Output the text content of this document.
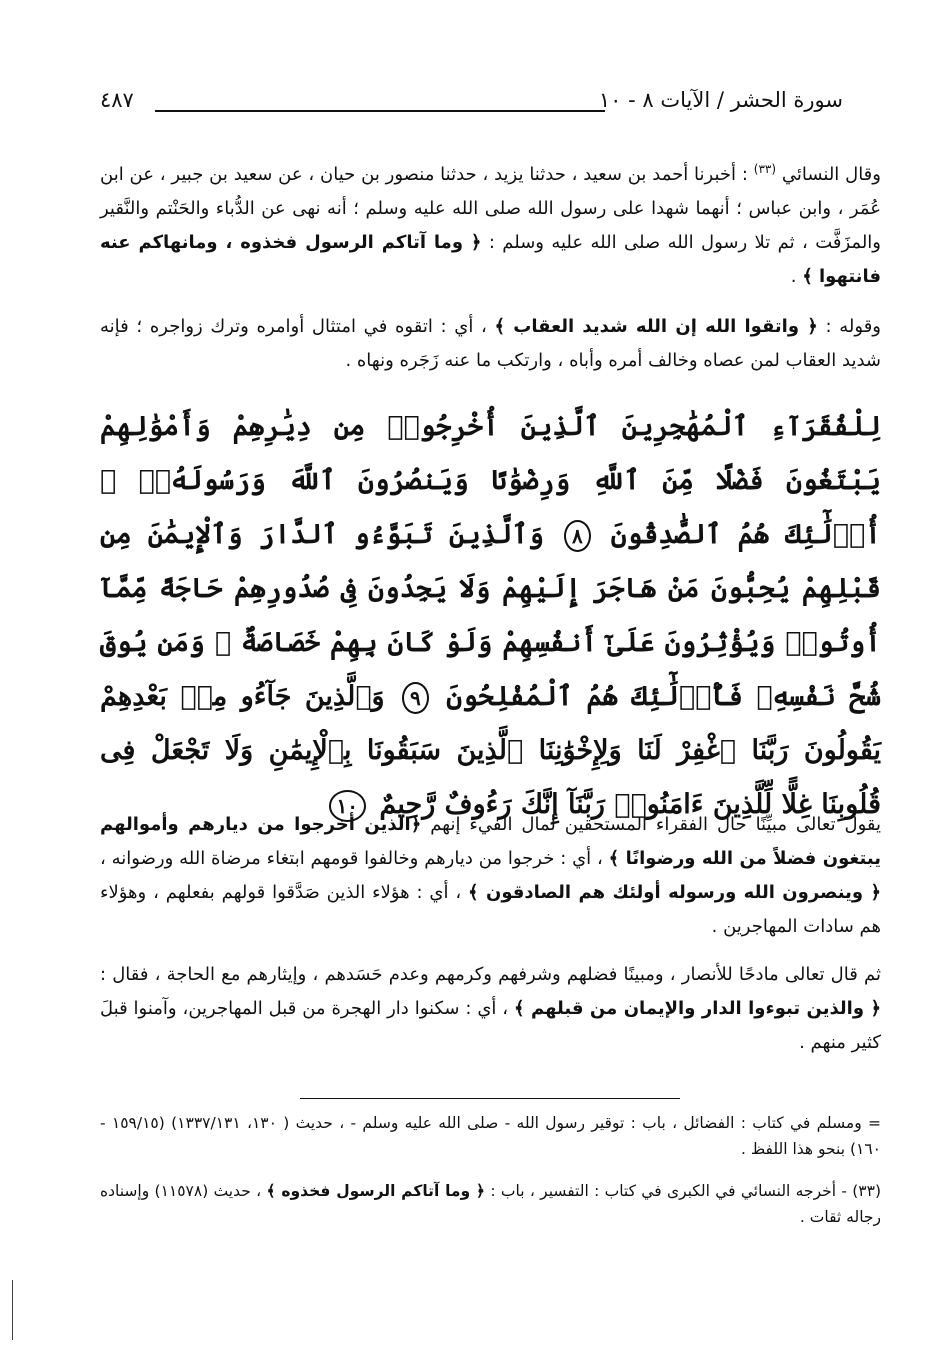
سورة الحشر / الآيات ٨ - ١٠
٤٨٧
وقال النسائي $^{(٣٣)}$ : أخبرنا أحمد بن سعيد ، حدثنا يزيد ، حدثنا منصور بن حيان ، عن سعيد بن جبير ، عن ابن عُمَر ، وابن عباس ؛ أنهما شهدا على رسول الله صلى الله عليه وسلم ؛ أنه نهى عن الدُّباء والحَنْتم والنَّقير والمزَفَّت ، ثم تلا رسول الله صلى الله عليه وسلم : ﴿ وما آتاكم الرسول فخذوه ، ومانهاكم عنه فانتهوا ﴾ .
وقوله : ﴿ واتقوا الله إن الله شديد العقاب ﴾ ، أي : اتقوه في امتثال أوامره وترك زواجره ؛ فإنه شديد العقاب لمن عصاه وخالف أمره وأباه ، وارتكب ما عنه زَجَره ونهاه .
لِلْفُقَرَآءِ ٱلْمُهَٰجِرِينَ ٱلَّذِينَ أُخْرِجُوا۟ مِن دِيَٰرِهِمْ وَأَمْوَٰلِهِمْ يَبْتَغُونَ فَضْلًا مِّنَ ٱللَّهِ وَرِضْوَٰنًا وَيَنصُرُونَ ٱللَّهَ وَرَسُولَهُۥٓ ۚ أُو۟لَٰٓئِكَ هُمُ ٱلصَّٰدِقُونَ ٨ وَٱلَّذِينَ تَبَوَّءُو ٱلدَّارَ وَٱلْإِيمَٰنَ مِن قَبْلِهِمْ يُحِبُّونَ مَنْ هَاجَرَ إِلَيْهِمْ وَلَا يَجِدُونَ فِى صُدُورِهِمْ حَاجَةً مِّمَّآ أُوتُوا۟ وَيُؤْثِرُونَ عَلَىٰٓ أَنفُسِهِمْ وَلَوْ كَانَ بِهِمْ خَصَاصَةٌ ۚ وَمَن يُوقَ شُحَّ نَفْسِهِۦ فَأُو۟لَٰٓئِكَ هُمُ ٱلْمُفْلِحُونَ ٩ وَٱلَّذِينَ جَآءُو مِنۢ بَعْدِهِمْ يَقُولُونَ رَبَّنَا ٱغْفِرْ لَنَا وَلِإِخْوَٰنِنَا ٱلَّذِينَ سَبَقُونَا بِٱلْإِيمَٰنِ وَلَا تَجْعَلْ فِى قُلُوبِنَا غِلًّا لِّلَّذِينَ ءَامَنُوا۟ رَبَّنَآ إِنَّكَ رَءُوفٌ رَّحِيمٌ ١٠
يقول تعالى مبيِّنًا حال الفقراء المستحقين لمال الفيء إنهم ﴿الذين أخرجوا من ديارهم وأموالهم يبتغون فضلاً من الله ورضوانًا ﴾ ، أي : خرجوا من ديارهم وخالفوا قومهم ابتغاء مرضاة الله ورضوانه ، ﴿ وينصرون الله ورسوله أولئك هم الصادقون ﴾ ، أي : هؤلاء الذين صَدَّقوا قولهم بفعلهم ، وهؤلاء هم سادات المهاجرين .
ثم قال تعالى مادحًا للأنصار ، ومبينًا فضلهم وشرفهم وكرمهم وعدم حَسَدهم ، وإيثارهم مع الحاجة ، فقال : ﴿ والذين تبوءوا الدار والإيمان من قبلهم ﴾ ، أي : سكنوا دار الهجرة من قبل المهاجرين، وآمنوا قبلَ كثير منهم .
= ومسلم في كتاب : الفضائل ، باب : توقير رسول الله - صلى الله عليه وسلم - ، حديث ( ١٣٠، ١٣٣٧/١٣١) (١٥٩/١٥ - ١٦٠) بنحو هذا اللفظ .
(٣٣) - أخرجه النسائي في الكبرى في كتاب : التفسير ، باب : ﴿ وما آتاكم الرسول فخذوه ﴾ ، حديث (١١٥٧٨) وإسناده رجاله ثقات .
